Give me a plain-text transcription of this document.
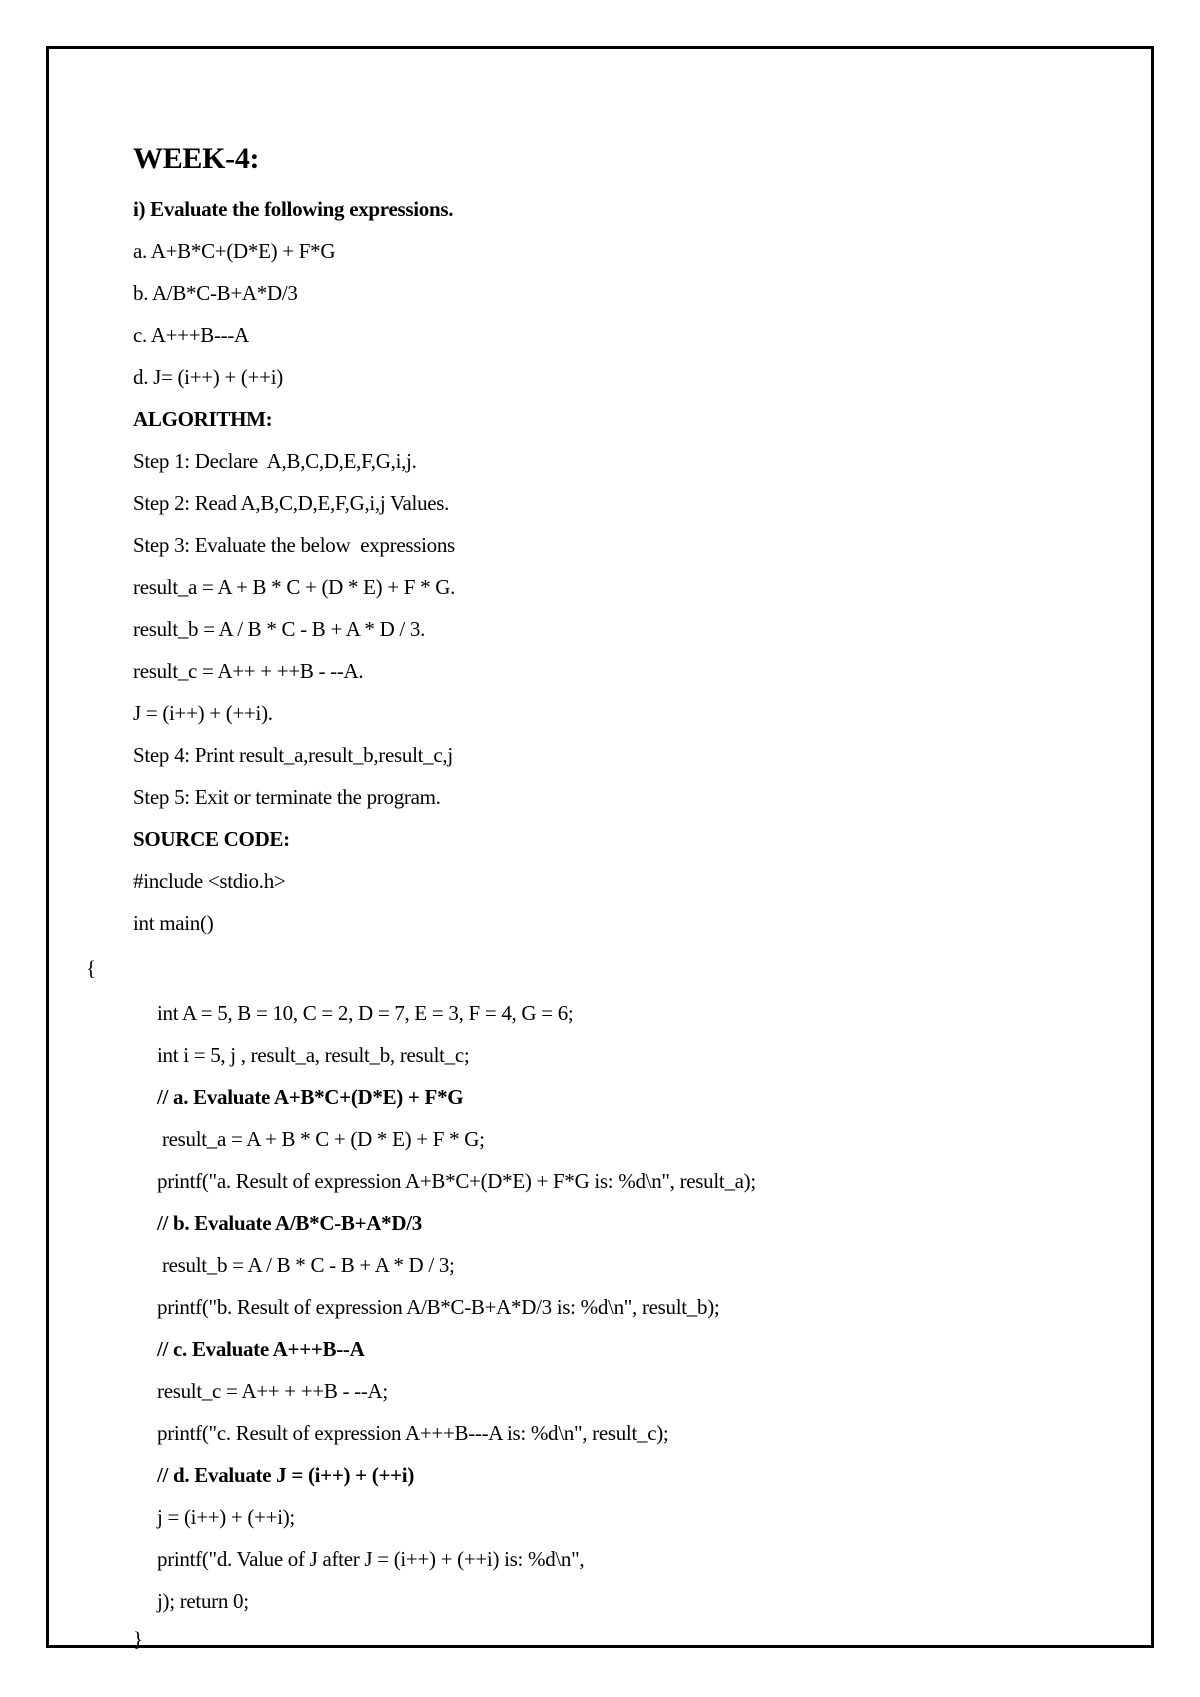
WEEK-4:
i) Evaluate the following expressions.
a. A+B*C+(D*E) + F*G
b. A/B*C-B+A*D/3
c. A+++B---A
d. J= (i++) + (++i)
ALGORITHM:
Step 1: Declare  A,B,C,D,E,F,G,i,j.
Step 2: Read A,B,C,D,E,F,G,i,j Values.
Step 3: Evaluate the below  expressions
result_a = A + B * C + (D * E) + F * G.
result_b = A / B * C - B + A * D / 3.
result_c = A++ + ++B - --A.
J = (i++) + (++i).
Step 4: Print result_a,result_b,result_c,j
Step 5: Exit or terminate the program.
SOURCE CODE:
#include <stdio.h>
int main()
{
int A = 5, B = 10, C = 2, D = 7, E = 3, F = 4, G = 6;
int i = 5, j , result_a, result_b, result_c;
// a. Evaluate A+B*C+(D*E) + F*G
result_a = A + B * C + (D * E) + F * G;
printf("a. Result of expression A+B*C+(D*E) + F*G is: %d\n", result_a);
// b. Evaluate A/B*C-B+A*D/3
result_b = A / B * C - B + A * D / 3;
printf("b. Result of expression A/B*C-B+A*D/3 is: %d\n", result_b);
// c. Evaluate A+++B--A
result_c = A++ + ++B - --A;
printf("c. Result of expression A+++B---A is: %d\n", result_c);
// d. Evaluate J = (i++) + (++i)
j = (i++) + (++i);
printf("d. Value of J after J = (i++) + (++i) is: %d\n",
j); return 0;
}
